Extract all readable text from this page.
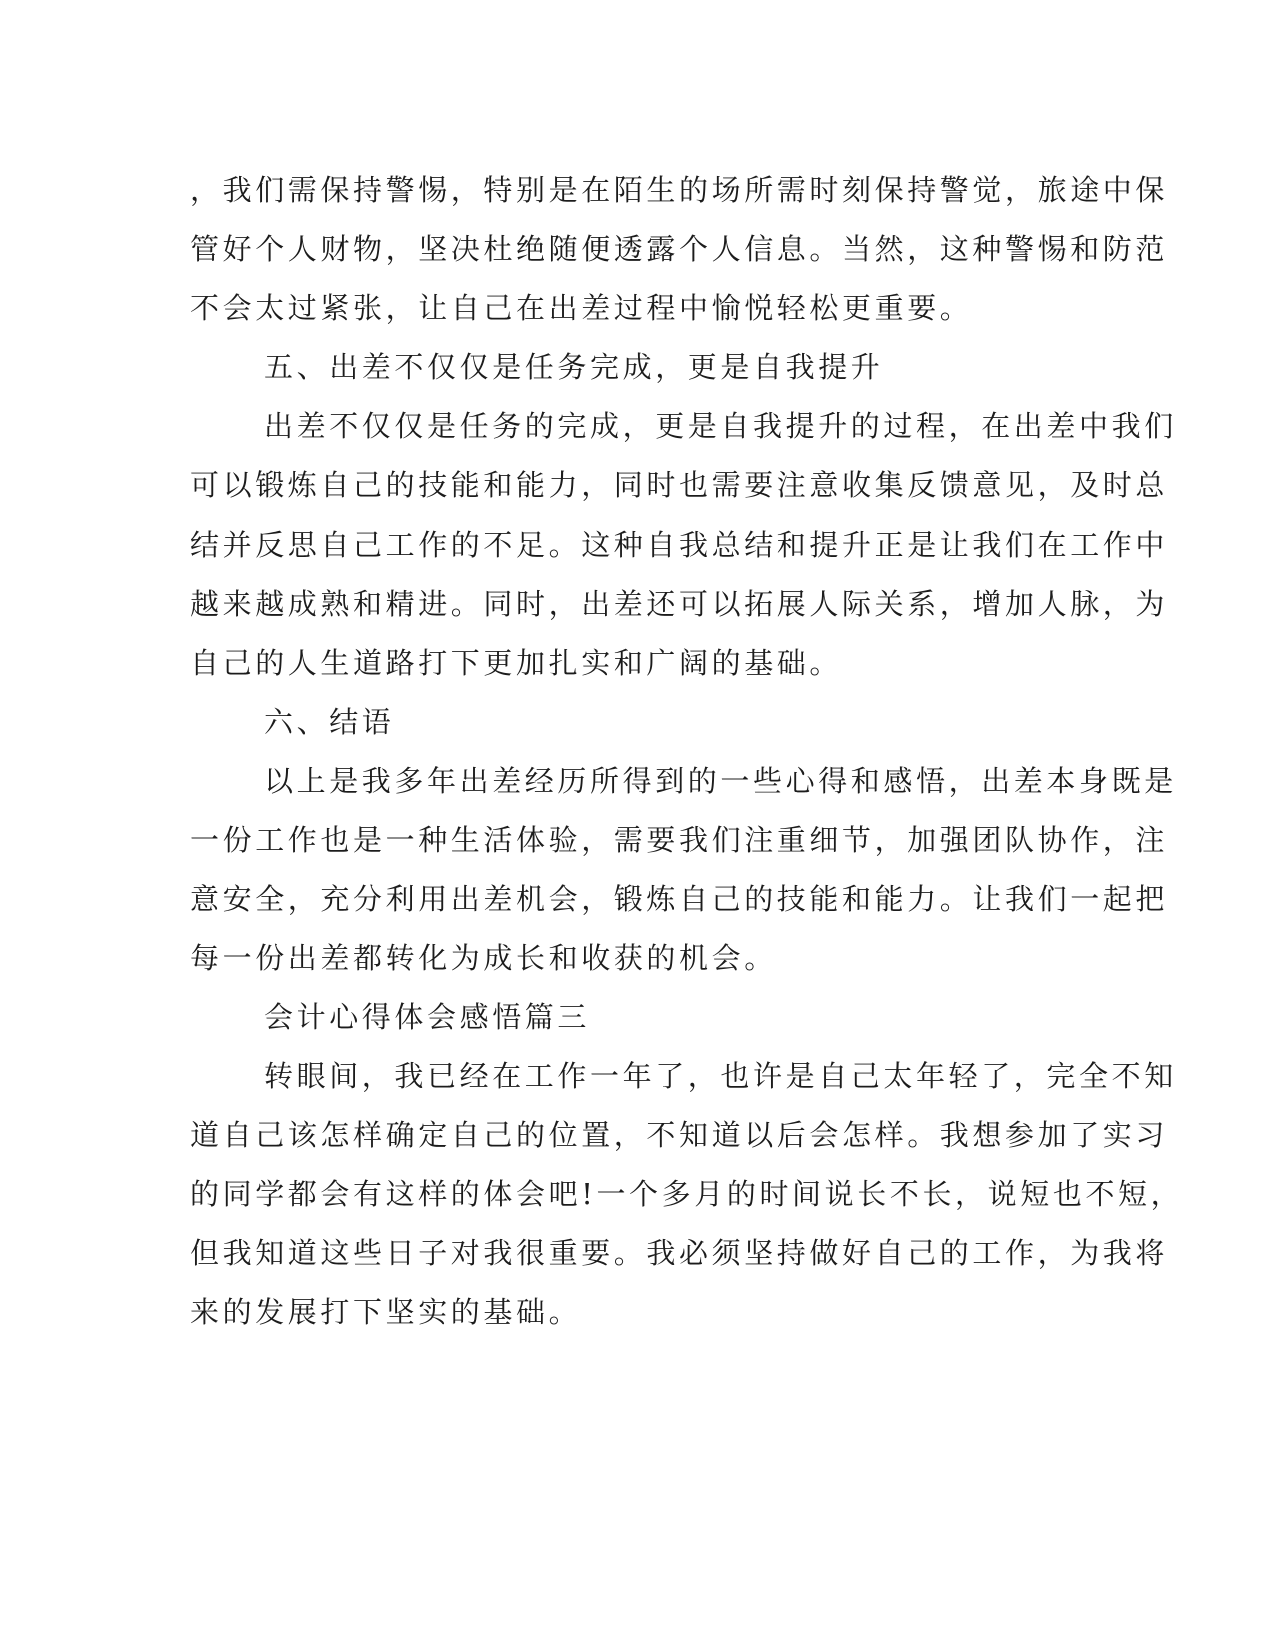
，我们需保持警惕，特别是在陌生的场所需时刻保持警觉，旅途中保
管好个人财物，坚决杜绝随便透露个人信息。当然，这种警惕和防范
不会太过紧张，让自己在出差过程中愉悦轻松更重要。
五、出差不仅仅是任务完成，更是自我提升
出差不仅仅是任务的完成，更是自我提升的过程，在出差中我们
可以锻炼自己的技能和能力，同时也需要注意收集反馈意见，及时总
结并反思自己工作的不足。这种自我总结和提升正是让我们在工作中
越来越成熟和精进。同时，出差还可以拓展人际关系，增加人脉，为
自己的人生道路打下更加扎实和广阔的基础。
六、结语
以上是我多年出差经历所得到的一些心得和感悟，出差本身既是
一份工作也是一种生活体验，需要我们注重细节，加强团队协作，注
意安全，充分利用出差机会，锻炼自己的技能和能力。让我们一起把
每一份出差都转化为成长和收获的机会。
会计心得体会感悟篇三
转眼间，我已经在工作一年了，也许是自己太年轻了，完全不知
道自己该怎样确定自己的位置，不知道以后会怎样。我想参加了实习
的同学都会有这样的体会吧!一个多月的时间说长不长，说短也不短，
但我知道这些日子对我很重要。我必须坚持做好自己的工作，为我将
来的发展打下坚实的基础。
